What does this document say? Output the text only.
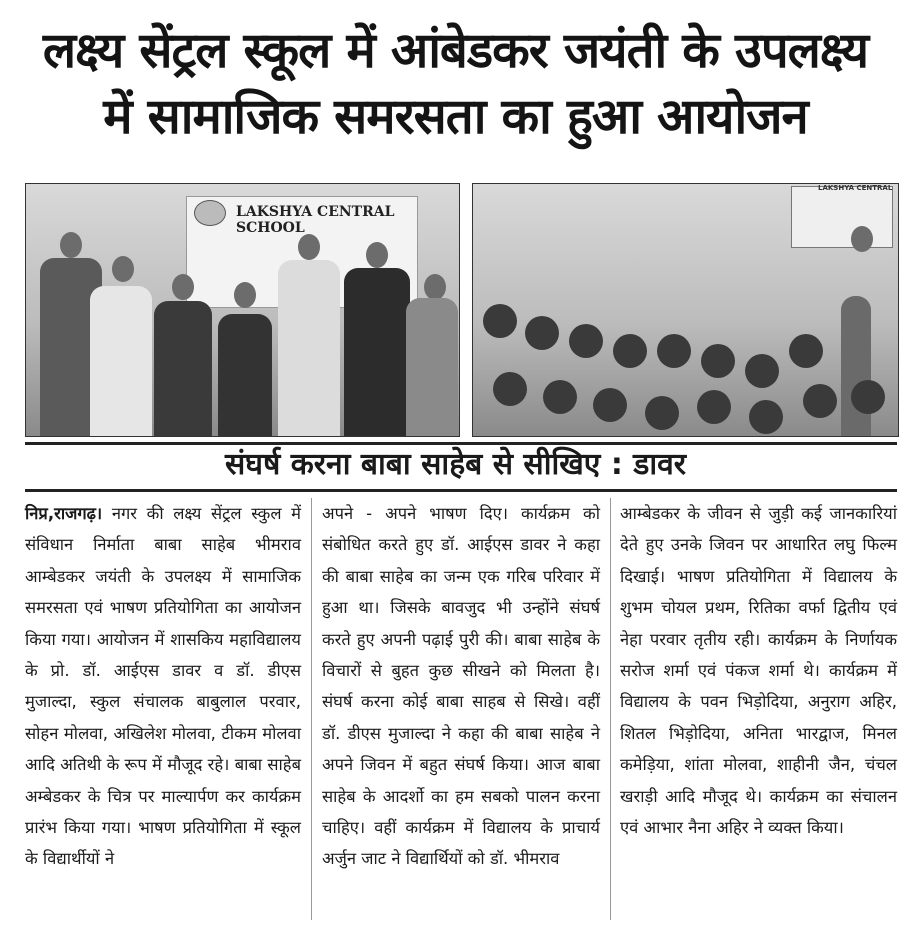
लक्ष्य सेंट्रल स्कूल में आंबेडकर जयंती के उपलक्ष्य
में सामाजिक समरसता का हुआ आयोजन
LAKSHYA CENTRAL SCHOOL
LAKSHYA CENTRAL
संघर्ष करना बाबा साहेब से सीखिए : डावर

निप्र,राजगढ़। नगर की लक्ष्य सेंट्रल स्कुल में संविधान निर्माता बाबा साहेब भीमराव आम्बेडकर जयंती के उपलक्ष्य में सामाजिक समरसता एवं भाषण प्रतियोगिता का आयोजन किया गया। आयोजन में शासकिय महाविद्यालय के प्रो. डॉ. आईएस डावर व डॉ. डीएस मुजाल्दा, स्कुल संचालक बाबुलाल परवार, सोहन मोलवा, अखिलेश मोलवा, टीकम मोलवा आदि अतिथी के रूप में मौजूद रहे। बाबा साहेब अम्बेडकर के चित्र पर माल्यार्पण कर कार्यक्रम प्रारंभ किया गया। भाषण प्रतियोगिता में स्कूल के विद्यार्थीयों ने

अपने - अपने भाषण दिए। कार्यक्रम को संबोधित करते हुए डॉ. आईएस डावर ने कहा की बाबा साहेब का जन्म एक गरिब परिवार में हुआ था। जिसके बावजुद भी उन्होंने संघर्ष करते हुए अपनी पढ़ाई पुरी की। बाबा साहेब के विचारों से बुहत कुछ सीखने को मिलता है। संघर्ष करना कोई बाबा साहब से सिखे। वहीं डॉ. डीएस मुजाल्दा ने कहा की बाबा साहेब ने अपने जिवन में बहुत संघर्ष किया। आज बाबा साहेब के आदर्शो का हम सबको पालन करना चाहिए। वहीं कार्यक्रम में विद्यालय के प्राचार्य अर्जुन जाट ने विद्यार्थियों को डॉ. भीमराव

आम्बेडकर के जीवन से जुड़ी कई जानकारियां देते हुए उनके जिवन पर आधारित लघु फिल्म दिखाई। भाषण प्रतियोगिता में विद्यालय के शुभम चोयल प्रथम, रितिका वर्फा द्वितीय एवं नेहा परवार तृतीय रही। कार्यक्रम के निर्णायक सरोज शर्मा एवं पंकज शर्मा थे। कार्यक्रम में विद्यालय के पवन भिड़ोदिया, अनुराग अहिर, शितल भिड़ोदिया, अनिता भारद्वाज, मिनल कमेड़िया, शांता मोलवा, शाहीनी जैन, चंचल खराड़ी आदि मौजूद थे। कार्यक्रम का संचालन एवं आभार नैना अहिर ने व्यक्त किया।
